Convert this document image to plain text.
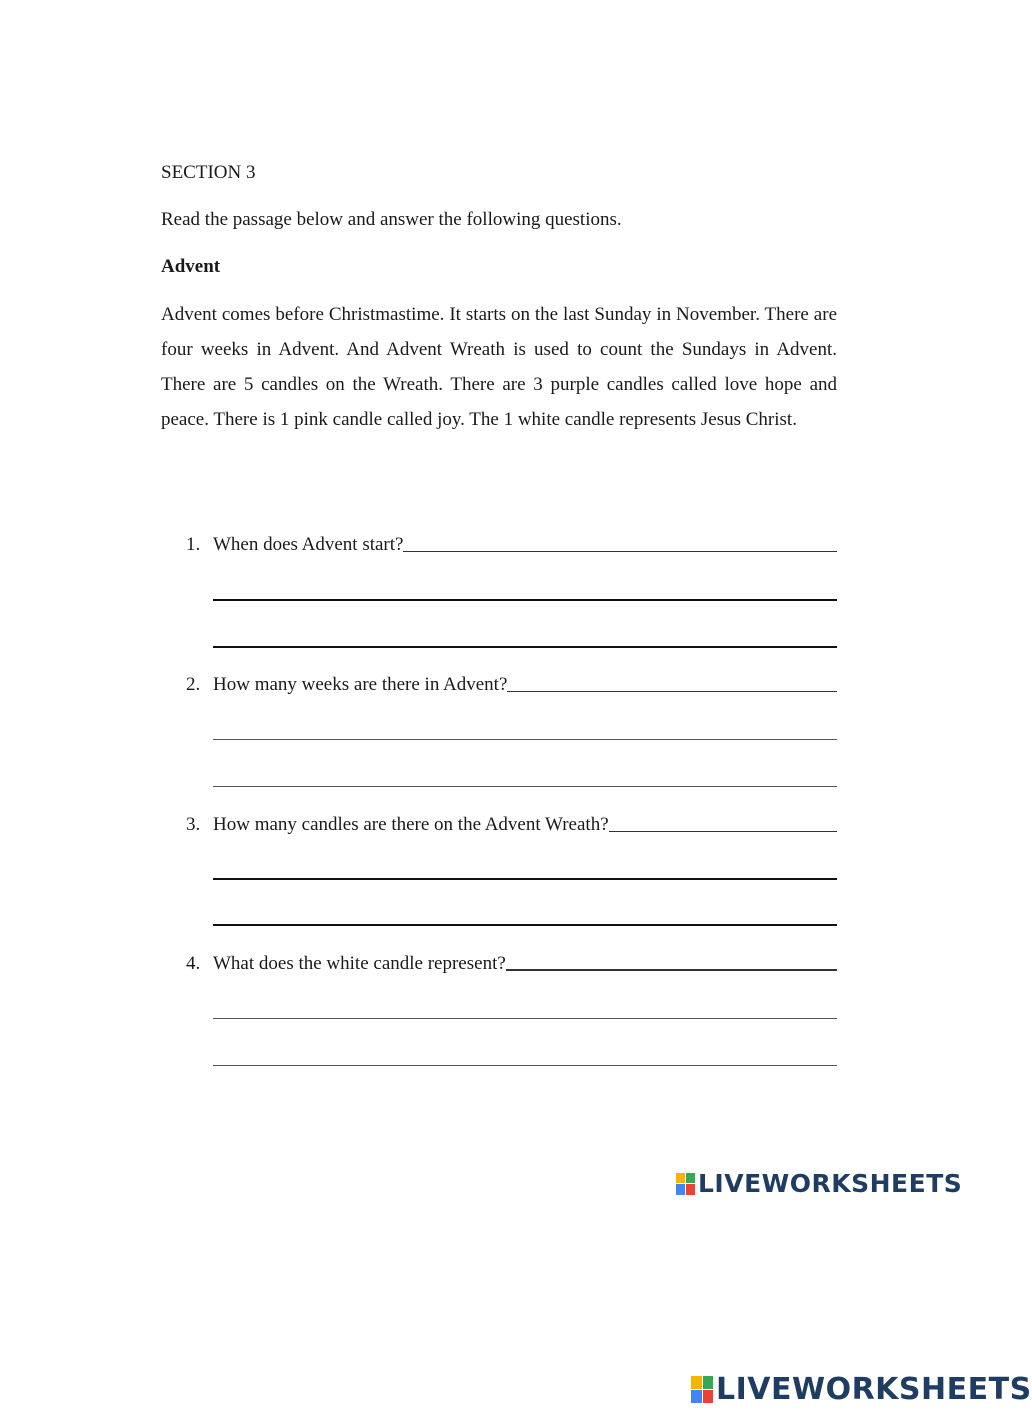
SECTION 3
Read the passage below and answer the following questions.
Advent
Advent comes before Christmastime. It starts on the last Sunday in November. There are four weeks in Advent. And Advent Wreath is used to count the Sundays in Advent. There are 5 candles on the Wreath. There are 3 purple candles called love hope and peace. There is 1 pink candle called joy. The 1 white candle represents Jesus Christ.
1. When does Advent start?
2. How many weeks are there in Advent?
3. How many candles are there on the Advent Wreath?
4. What does the white candle represent?
LIVEWORKSHEETS
LIVEWORKSHEETS
